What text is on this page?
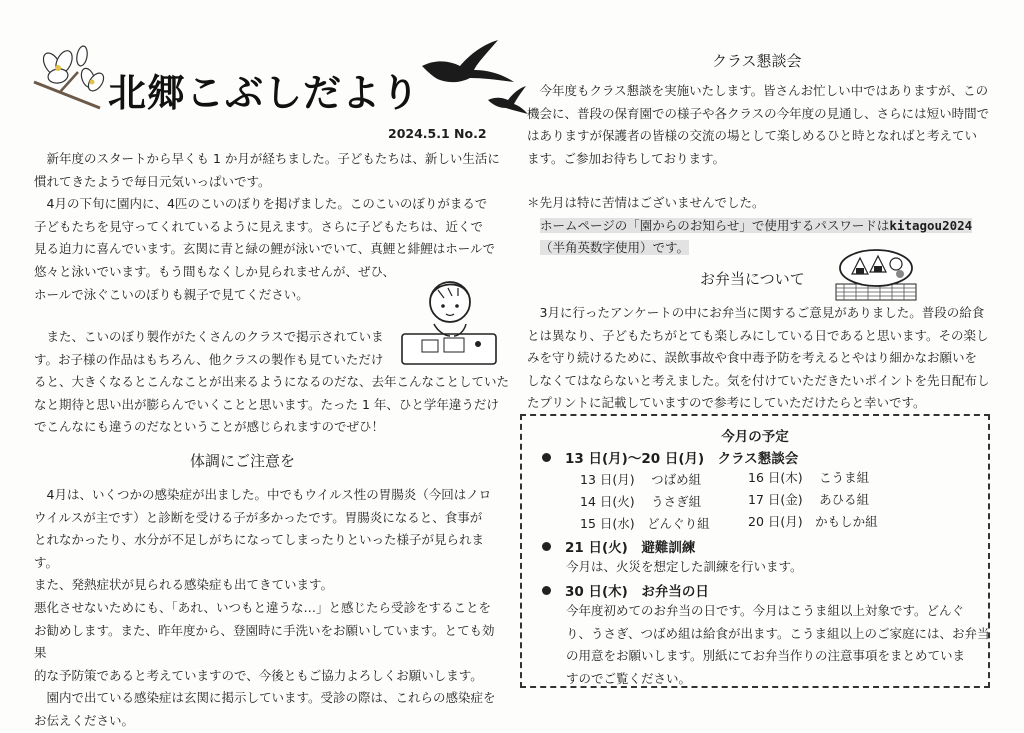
北郷こぶしだより
2024.5.1 No.2

新年度のスタートから早くも 1 か月が経ちました。子どもたちは、新しい生活に

慣れてきたようで毎日元気いっぱいです。

4月の下旬に園内に、4匹のこいのぼりを掲げました。このこいのぼりがまるで

子どもたちを見守ってくれているように見えます。さらに子どもたちは、近くで

見る迫力に喜んでいます。玄関に青と緑の鯉が泳いでいて、真鯉と緋鯉はホールで

悠々と泳いでいます。もう間もなくしか見られませんが、ぜひ、

ホールで泳ぐこいのぼりも親子で見てください。

また、こいのぼり製作がたくさんのクラスで掲示されていま

す。お子様の作品はもちろん、他クラスの製作も見ていただけ

ると、大きくなるとこんなことが出来るようになるのだな、去年こんなことしていた

なと期待と思い出が膨らんでいくことと思います。たった 1 年、ひと学年違うだけ

でこんなにも違うのだなということが感じられますのでぜひ！

体調にご注意を

4月は、いくつかの感染症が出ました。中でもウイルス性の胃腸炎（今回はノロ

ウイルスが主です）と診断を受ける子が多かったです。胃腸炎になると、食事が

とれなかったり、水分が不足しがちになってしまったりといった様子が見られます。

また、発熱症状が見られる感染症も出てきています。

悪化させないためにも、「あれ、いつもと違うな…」と感じたら受診をすることを

お勧めします。また、昨年度から、登園時に手洗いをお願いしています。とても効果

的な予防策であると考えていますので、今後ともご協力よろしくお願いします。

園内で出ている感染症は玄関に掲示しています。受診の際は、これらの感染症を

お伝えください。

クラス懇談会

今年度もクラス懇談を実施いたします。皆さんお忙しい中ではありますが、この

機会に、普段の保育園での様子や各クラスの今年度の見通し、さらには短い時間で

はありますが保護者の皆様の交流の場として楽しめるひと時となればと考えてい

ます。ご参加お待ちしております。

＊先月は特に苦情はございませんでした。

ホームページの「園からのお知らせ」で使用するパスワードはkitagou2024

（半角英数字使用）です。

お弁当について

3月に行ったアンケートの中にお弁当に関するご意見がありました。普段の給食

とは異なり、子どもたちがとても楽しみにしている日であると思います。その楽し

みを守り続けるために、誤飲事故や食中毒予防を考えるとやはり細かなお願いを

しなくてはならないと考えました。気を付けていただきたいポイントを先日配布し

たプリントに記載していますので参考にしていただけたらと幸いです。

今月の予定
13 日(月)～20 日(月)　クラス懇談会
13 日(月)　 つばめ組
14 日(火)　 うさぎ組
15 日(水)　どんぐり組
16 日(木)　 こうま組
17 日(金)　 あひる組
20 日(月)　かもしか組
21 日(火)　避難訓練
今月は、火災を想定した訓練を行います。
30 日(木)　お弁当の日
今年度初めてのお弁当の日です。今月はこうま組以上対象です。どんぐ
り、うさぎ、つばめ組は給食が出ます。こうま組以上のご家庭には、お弁当
の用意をお願いします。別紙にてお弁当作りの注意事項をまとめていま
すのでご覧ください。
